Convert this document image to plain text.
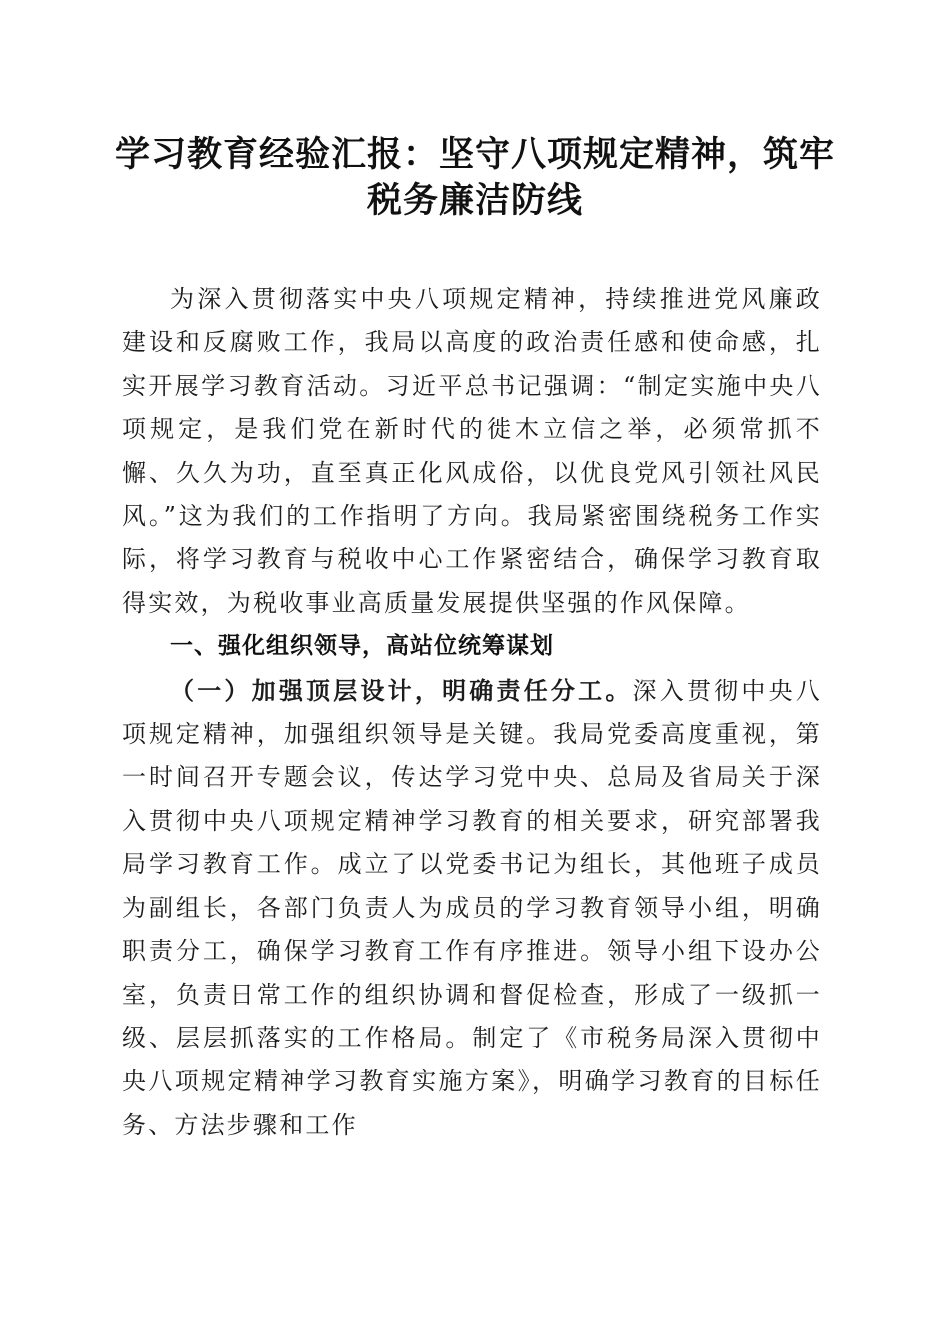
学习教育经验汇报：坚守八项规定精神，筑牢税务廉洁防线

为深入贯彻落实中央八项规定精神，持续推进党风廉政建设和反腐败工作，我局以高度的政治责任感和使命感，扎实开展学习教育活动。习近平总书记强调：“制定实施中央八项规定，是我们党在新时代的徙木立信之举，必须常抓不懈、久久为功，直至真正化风成俗，以优良党风引领社风民风。”这为我们的工作指明了方向。我局紧密围绕税务工作实际，将学习教育与税收中心工作紧密结合，确保学习教育取得实效，为税收事业高质量发展提供坚强的作风保障。

一、强化组织领导，高站位统筹谋划

（一）加强顶层设计，明确责任分工。深入贯彻中央八项规定精神，加强组织领导是关键。我局党委高度重视，第一时间召开专题会议，传达学习党中央、总局及省局关于深入贯彻中央八项规定精神学习教育的相关要求，研究部署我局学习教育工作。成立了以党委书记为组长，其他班子成员为副组长，各部门负责人为成员的学习教育领导小组，明确职责分工，确保学习教育工作有序推进。领导小组下设办公室，负责日常工作的组织协调和督促检查，形成了一级抓一级、层层抓落实的工作格局。制定了《市税务局深入贯彻中央八项规定精神学习教育实施方案》，明确学习教育的目标任务、方法步骤和工作
